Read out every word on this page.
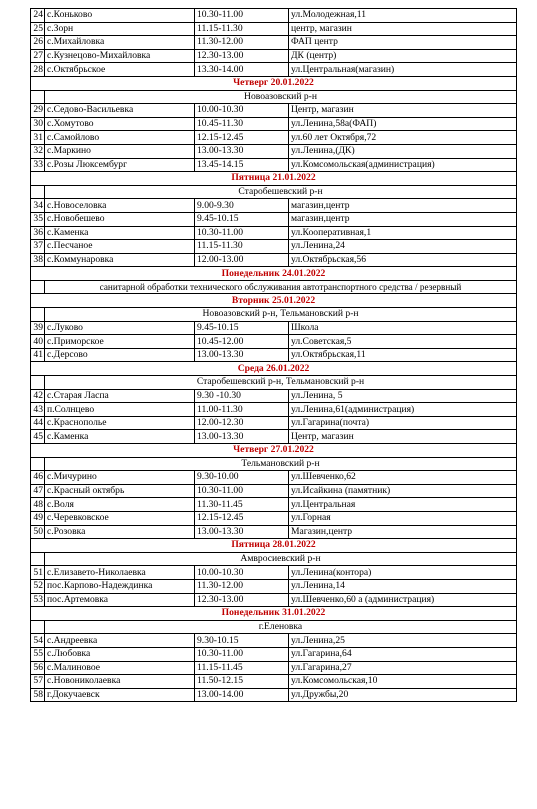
24	с.Коньково	10.30-11.00	ул.Молодежная,11
25	с.Зорн	11.15-11.30	центр, магазин
26	с.Михайловка	11.30-12.00	ФАП центр
27	с.Кузнецово-Михайловка	12.30-13.00	ДК (центр)
28	с.Октябрьское	13.30-14.00	ул.Центральная(магазин)
Четверг 20.01.2022			
	Новоазовский р-н		
29	с.Седово-Васильевка	10.00-10.30	Центр, магазин
30	с.Хомутово	10.45-11.30	ул.Ленина,58а(ФАП)
31	с.Самойлово	12.15-12.45	ул.60 лет Октября,72
32	с.Маркино	13.00-13.30	ул.Ленина,(ДК)
33	с.Розы Люксембург	13.45-14.15	ул.Комсомольская(администрация)
Пятница 21.01.2022			
	Старобешевский р-н		
34	с.Новоселовка	9.00-9.30	магазин,центр
35	с.Новобешево	9.45-10.15	магазин,центр
36	с.Каменка	10.30-11.00	ул.Кооперативная,1
37	с.Песчаное	11.15-11.30	ул.Ленина,24
38	с.Коммунаровка	12.00-13.00	ул.Октябрьская,56
Понедельник 24.01.2022			
	санитарной обработки технического обслуживания автотранспортного средства / резервный		
Вторник 25.01.2022			
	Новоазовский р-н, Тельмановский р-н		
39	с.Луково	9.45-10.15	Школа
40	с.Приморское	10.45-12.00	ул.Советская,5
41	с.Дерсово	13.00-13.30	ул.Октябрьская,11
Среда 26.01.2022			
	Старобешевский р-н, Тельмановский р-н		
42	с.Старая Ласпа	9.30 -10.30	ул.Ленина, 5
43	п.Солнцево	11.00-11.30	ул.Ленина,61(администрация)
44	с.Краснополье	12.00-12.30	ул.Гагарина(почта)
45	с.Каменка	13.00-13.30	Центр, магазин
Четверг 27.01.2022			
	Тельмановский р-н		
46	с.Мичурино	9.30-10.00	ул.Шевченко,62
47	с.Красный октябрь	10.30-11.00	ул.Исайкина (памятник)
48	с.Воля	11.30-11.45	ул.Центральная
49	с.Черевковское	12.15-12.45	ул.Горная
50	с.Розовка	13.00-13.30	Магазин,центр
Пятница 28.01.2022			
	Амвросиевский р-н		
51	с.Елизавето-Николаевка	10.00-10.30	ул.Ленина(контора)
52	пос.Карпово-Надеждинка	11.30-12.00	ул.Ленина,14
53	пос.Артемовка	12.30-13.00	ул.Шевченко,60 а (администрация)
Понедельник 31.01.2022			
	г.Еленовка		
54	с.Андреевка	9.30-10.15	ул.Ленина,25
55	с.Любовка	10.30-11.00	ул.Гагарина,64
56	с.Малиновое	11.15-11.45	ул.Гагарина,27
57	с.Новониколаевка	11.50-12.15	ул.Комсомольская,10
58	г.Докучаевск	13.00-14.00	ул.Дружбы,20
